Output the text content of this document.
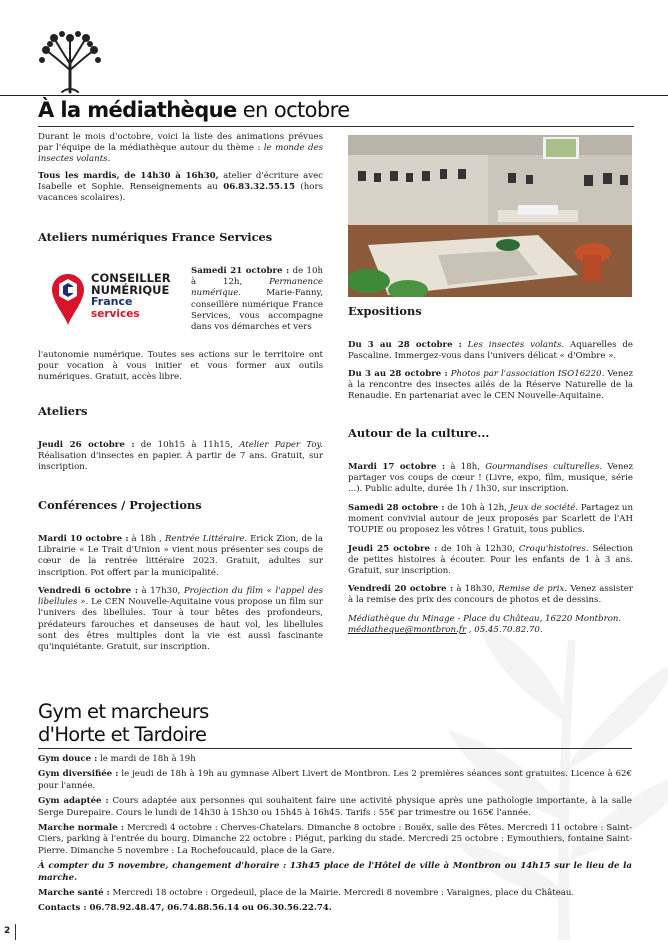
À la médiathèque en octobre

Durant le mois d'octobre, voici la liste des animations prévues par l'équipe de la médiathèque autour du thème : le monde des insectes volants.

Tous les mardis, de 14h30 à 16h30, atelier d'écriture avec Isabelle et Sophie. Renseignements au 06.83.32.55.15 (hors vacances scolaires).

Ateliers numériques France Services
CONSEILLER
NUMÉRIQUE
France
services

Samedi 21 octobre : de 10h à 12h, Permanence numérique. Marie-Fanny, conseillère numérique France Services, vous accompagne dans vos démarches et vers

l'autonomie numérique. Toutes ses actions sur le territoire ont pour vocation à vous initier et vous former aux outils numériques. Gratuit, accès libre.

Ateliers

Jeudi 26 octobre : de 10h15 à 11h15, Atelier Paper Toy. Réalisation d'insectes en papier. À partir de 7 ans. Gratuit, sur inscription.

Conférences / Projections

Mardi 10 octobre : à 18h , Rentrée Littéraire. Erick Zion, de la Librairie « Le Trait d'Union » vient nous présenter ses coups de cœur de la rentrée littéraire 2023. Gratuit, adultes sur inscription. Pot offert par la municipalité.

Vendredi 6 octobre : à 17h30, Projection du film « l'appel des libellules ». Le CEN Nouvelle-Aquitaine vous propose un film sur l'univers des libellules. Tour à tour bêtes des profondeurs, prédateurs farouches et danseuses de haut vol, les libellules sont des êtres multiples dont la vie est aussi fascinante qu'inquiétante. Gratuit, sur inscription.

Expositions

Du 3 au 28 octobre : Les insectes volants. Aquarelles de Pascaline. Immergez-vous dans l'univers délicat « d'Ombre ».

Du 3 au 28 octobre : Photos par l'association ISO16220. Venez à la rencontre des insectes ailés de la Réserve Naturelle de la Renaudie. En partenariat avec le CEN Nouvelle-Aquitaine.

Autour de la culture...

Mardi 17 octobre : à 18h, Gourmandises culturelles. Venez partager vos coups de cœur ! (Livre, expo, film, musique, série ...). Public adulte, durée 1h / 1h30, sur inscription.

Samedi 28 octobre : de 10h à 12h, Jeux de société. Partagez un moment convivial autour de jeux proposés par Scarlett de l'AH TOUPIE ou proposez les vôtres ! Gratuit, tous publics.

Jeudi 25 octobre : de 10h à 12h30, Croqu'histoires. Sélection de petites histoires à écouter. Pour les enfants de 1 à 3 ans. Gratuit, sur inscription.

Vendredi 20 octobre : à 18h30, Remise de prix. Venez assister à la remise des prix des concours de photos et de dessins.

Médiathèque du Minage - Place du Château, 16220 Montbron.
médiatheque@montbron.fr , 05.45.70.82.70.

Gym et marcheurs
d'Horte et Tardoire

Gym douce : le mardi de 18h à 19h

Gym diversifiée : le jeudi de 18h à 19h au gymnase Albert Livert de Montbron. Les 2 premières séances sont gratuites. Licence à 62€ pour l'année.

Gym adaptée : Cours adaptée aux personnes qui souhaitent faire une activité physique après une pathologie importante, à la salle Serge Durepaire. Cours le lundi de 14h30 à 15h30 ou 15h45 à 16h45. Tarifs : 55€ par trimestre ou 165€ l'année.

Marche normale : Mercredi 4 octobre : Cherves-Chatelars. Dimanche 8 octobre : Bouëx, salle des Fêtes. Mercredi 11 octobre : Saint-Ciers, parking à l'entrée du bourg. Dimanche 22 octobre : Piégut, parking du stade. Mercredi 25 octobre : Eymouthiers, fontaine Saint-Pierre. Dimanche 5 novembre : La Rochefoucauld, place de la Gare.

À compter du 5 novembre, changement d'horaire : 13h45 place de l'Hôtel de ville à Montbron ou 14h15 sur le lieu de la marche.

Marche santé : Mercredi 18 octobre : Orgedeuil, place de la Mairie. Mercredi 8 novembre : Varaignes, place du Château.

Contacts : 06.78.92.48.47, 06.74.88.56.14 ou 06.30.56.22.74.

2
